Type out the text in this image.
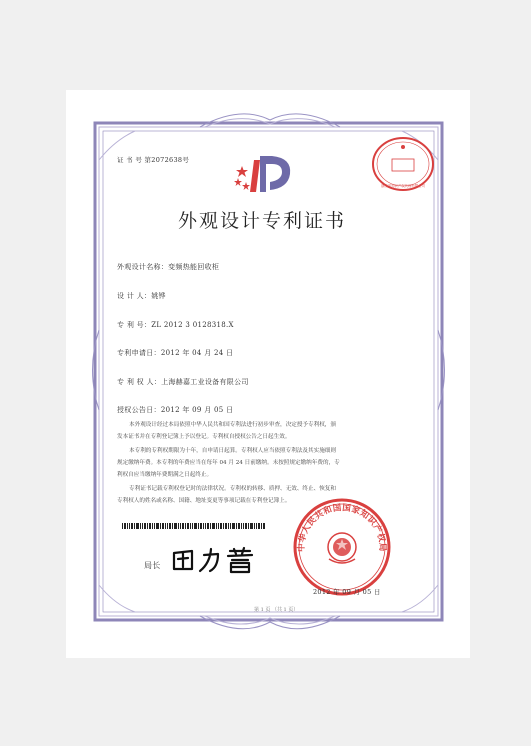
证 书 号 第2072638号
浙江省知识产权代理有限公司
外观设计专利证书
外观设计名称：变频热能回收柜
设 计 人：姚铧
专 利 号：ZL 2012 3 0128318.X
专利申请日：2012 年 04 月 24 日
专 利 权 人：上海赫嘉工业设备有限公司
授权公告日：2012 年 09 月 05 日
本外观设计经过本局依照中华人民共和国专利法进行初步审查，决定授予专利权，颁
发本证书并在专利登记簿上予以登记。专利权自授权公告之日起生效。
本专利的专利权期限为十年，自申请日起算。专利权人应当依照专利法及其实施细则
规定缴纳年费。本专利的年费应当在每年 04 月 24 日前缴纳。未按照规定缴纳年费的，专
利权自应当缴纳年费期满之日起终止。
专利证书记载专利权登记时的法律状况。专利权的转移、质押、无效、终止、恢复和
专利权人的姓名或名称、国籍、地址变更等事项记载在专利登记簿上。
局长
中华人民共和国国家知识产权局
2012 年 09 月 05 日
第 1 页 （共 1 页）
